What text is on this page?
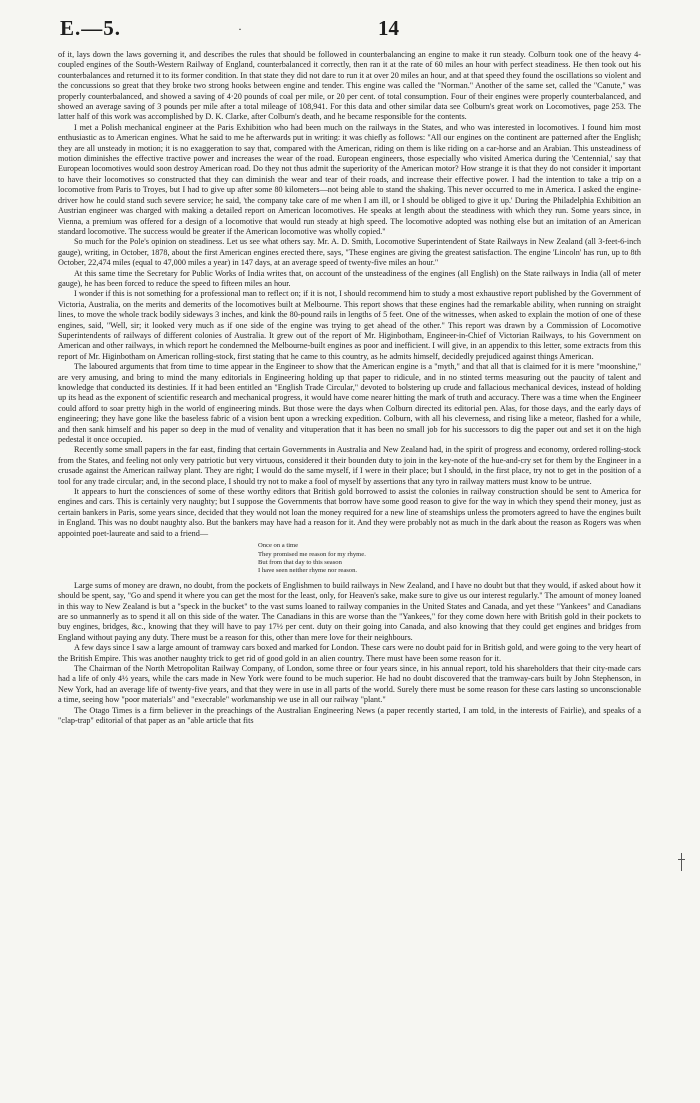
E.—5.	·	14

of it, lays down the laws governing it, and describes the rules that should be followed in counterbalancing an engine to make it run steady. Colburn took one of the heavy 4-coupled engines of the South-Western Railway of England, counterbalanced it correctly, then ran it at the rate of 60 miles an hour with perfect steadiness. He then took out his counterbalances and returned it to its former condition. In that state they did not dare to run it at over 20 miles an hour, and at that speed they found the oscillations so violent and the concussions so great that they broke two strong hooks between engine and tender. This engine was called the "Norman." Another of the same set, called the "Canute," was properly counterbalanced, and showed a saving of 4·20 pounds of coal per mile, or 20 per cent. of total consumption. Four of their engines were properly counterbalanced, and showed an average saving of 3 pounds per mile after a total mileage of 108,941. For this data and other similar data see Colburn's great work on Locomotives, page 253. The latter half of this work was accomplished by D. K. Clarke, after Colburn's death, and he became responsible for the contents.

I met a Polish mechanical engineer at the Paris Exhibition who had been much on the railways in the States, and who was interested in locomotives. I found him most enthusiastic as to American engines. What he said to me he afterwards put in writing: it was chiefly as follows: "All our engines on the continent are patterned after the English; they are all unsteady in motion; it is no exaggeration to say that, compared with the American, riding on them is like riding on a car-horse and an Arabian. This unsteadiness of motion diminishes the effective tractive power and increases the wear of the road. European engineers, those especially who visited America during the 'Centennial,' say that European locomotives would soon destroy American road. Do they not thus admit the superiority of the American motor? How strange it is that they do not consider it important to have their locomotives so constructed that they can diminish the wear and tear of their roads, and increase their effective power. I had the intention to take a trip on a locomotive from Paris to Troyes, but I had to give up after some 80 kilometers—not being able to stand the shaking. This never occurred to me in America. I asked the engine-driver how he could stand such severe service; he said, 'the company take care of me when I am ill, or I should be obliged to give it up.' During the Philadelphia Exhibition an Austrian engineer was charged with making a detailed report on American locomotives. He speaks at length about the steadiness with which they run. Some years since, in Vienna, a premium was offered for a design of a locomotive that would run steady at high speed. The locomotive adopted was nothing else but an imitation of an American standard locomotive. The success would be greater if the American locomotive was wholly copied."

So much for the Pole's opinion on steadiness. Let us see what others say. Mr. A. D. Smith, Locomotive Superintendent of State Railways in New Zealand (all 3-feet-6-inch gauge), writing, in October, 1878, about the first American engines erected there, says, "These engines are giving the greatest satisfaction. The engine 'Lincoln' has run, up to 8th October, 22,474 miles (equal to 47,000 miles a year) in 147 days, at an average speed of twenty-five miles an hour."

At this same time the Secretary for Public Works of India writes that, on account of the unsteadiness of the engines (all English) on the State railways in India (all of meter gauge), he has been forced to reduce the speed to fifteen miles an hour.

I wonder if this is not something for a professional man to reflect on; if it is not, I should recommend him to study a most exhaustive report published by the Government of Victoria, Australia, on the merits and demerits of the locomotives built at Melbourne. This report shows that these engines had the remarkable ability, when running on straight lines, to move the whole track bodily sideways 3 inches, and kink the 80-pound rails in lengths of 5 feet. One of the witnesses, when asked to explain the motion of one of these engines, said, "Well, sir; it looked very much as if one side of the engine was trying to get ahead of the other." This report was drawn by a Commission of Locomotive Superintendents of railways of different colonies of Australia. It grew out of the report of Mr. Higinbotham, Engineer-in-Chief of Victorian Railways, to his Government on American and other railways, in which report he condemned the Melbourne-built engines as poor and inefficient. I will give, in an appendix to this letter, some extracts from this report of Mr. Higinbotham on American rolling-stock, first stating that he came to this country, as he admits himself, decidedly prejudiced against things American.

The laboured arguments that from time to time appear in the Engineer to show that the American engine is a "myth," and that all that is claimed for it is mere "moonshine," are very amusing, and bring to mind the many editorials in Engineering holding up that paper to ridicule, and in no stinted terms measuring out the paucity of talent and knowledge that conducted its destinies. If it had been entitled an "English Trade Circular," devoted to bolstering up crude and fallacious mechanical devices, instead of holding up its head as the exponent of scientific research and mechanical progress, it would have come nearer hitting the mark of truth and accuracy. There was a time when the Engineer could afford to soar pretty high in the world of engineering minds. But those were the days when Colburn directed its editorial pen. Alas, for those days, and the early days of engineering; they have gone like the baseless fabric of a vision bent upon a wrecking expedition. Colburn, with all his cleverness, and rising like a meteor, flashed for a while, and then sank himself and his paper so deep in the mud of venality and vituperation that it has been no small job for his successors to dig the paper out and set it on the high pedestal it once occupied.

Recently some small papers in the far east, finding that certain Governments in Australia and New Zealand had, in the spirit of progress and economy, ordered rolling-stock from the States, and feeling not only very patriotic but very virtuous, considered it their bounden duty to join in the key-note of the hue-and-cry set for them by the Engineer in a crusade against the American railway plant. They are right; I would do the same myself, if I were in their place; but I should, in the first place, try not to get in the position of a tool for any trade circular; and, in the second place, I should try not to make a fool of myself by assertions that any tyro in railway matters must know to be untrue.

It appears to hurt the consciences of some of these worthy editors that British gold borrowed to assist the colonies in railway construction should be sent to America for engines and cars. This is certainly very naughty; but I suppose the Governments that borrow have some good reason to give for the way in which they spend their money, just as certain bankers in Paris, some years since, decided that they would not loan the money required for a new line of steamships unless the promoters agreed to have the engines built in England. This was no doubt naughty also. But the bankers may have had a reason for it. And they were probably not as much in the dark about the reason as Rogers was when appointed poet-laureate and said to a friend—

Once on a time
They promised me reason for my rhyme.
But from that day to this season
I have seen neither rhyme nor reason.

Large sums of money are drawn, no doubt, from the pockets of Englishmen to build railways in New Zealand, and I have no doubt but that they would, if asked about how it should be spent, say, "Go and spend it where you can get the most for the least, only, for Heaven's sake, make sure to give us our interest regularly." The amount of money loaned in this way to New Zealand is but a "speck in the bucket" to the vast sums loaned to railway companies in the United States and Canada, and yet these "Yankees" and Canadians are so unmannerly as to spend it all on this side of the water. The Canadians in this are worse than the "Yankees," for they come down here with British gold in their pockets to buy engines, bridges, &c., knowing that they will have to pay 17½ per cent. duty on their going into Canada, and also knowing that they could get engines and bridges from England without paying any duty. There must be a reason for this, other than mere love for their neighbours.

A few days since I saw a large amount of tramway cars boxed and marked for London. These cars were no doubt paid for in British gold, and were going to the very heart of the British Empire. This was another naughty trick to get rid of good gold in an alien country. There must have been some reason for it.

The Chairman of the North Metropolitan Railway Company, of London, some three or four years since, in his annual report, told his shareholders that their city-made cars had a life of only 4½ years, while the cars made in New York were found to be much superior. He had no doubt discovered that the tramway-cars built by John Stephenson, in New York, had an average life of twenty-five years, and that they were in use in all parts of the world. Surely there must be some reason for these cars lasting so unconscionable a time, seeing how "poor materials" and "execrable" workmanship we use in all our railway "plant."

The Otago Times is a firm believer in the preachings of the Australian Engineering News (a paper recently started, I am told, in the interests of Fairlie), and speaks of a "clap-trap" editorial of that paper as an "able article that fits
